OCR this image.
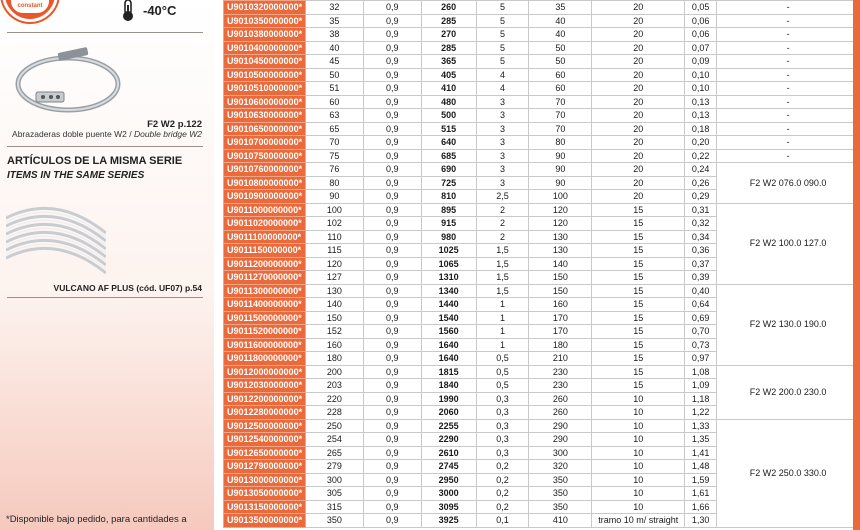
constant	-40°C
F2 W2 p.122
Abrazaderas doble puente W2 / Double bridge W2
ARTÍCULOS DE LA MISMA SERIE
ITEMS IN THE SAME SERIES
VULCANO AF PLUS (cód. UF07) p.54
*Disponible bajo pedido, para cantidades a
U9010320000000*	32	0,9	260	5	35	20	0,05	-
U9010350000000*	35	0,9	285	5	40	20	0,06	-
U9010380000000*	38	0,9	270	5	40	20	0,06	-
U9010400000000*	40	0,9	285	5	50	20	0,07	-
U9010450000000*	45	0,9	365	5	50	20	0,09	-
U9010500000000*	50	0,9	405	4	60	20	0,10	-
U9010510000000*	51	0,9	410	4	60	20	0,10	-
U9010600000000*	60	0,9	480	3	70	20	0,13	-
U9010630000000*	63	0,9	500	3	70	20	0,13	-
U9010650000000*	65	0,9	515	3	70	20	0,18	-
U9010700000000*	70	0,9	640	3	80	20	0,20	-
U9010750000000*	75	0,9	685	3	90	20	0,22	-
U9010760000000*	76	0,9	690	3	90	20	0,24	F2 W2 076.0 090.0
U9010800000000*	80	0,9	725	3	90	20	0,26	
U9010900000000*	90	0,9	810	2,5	100	20	0,29	
U9011000000000*	100	0,9	895	2	120	15	0,31	F2 W2 100.0 127.0
U9011020000000*	102	0,9	915	2	120	15	0,32	
U9011100000000*	110	0,9	980	2	130	15	0,34	
U9011150000000*	115	0,9	1025	1,5	130	15	0,36	
U9011200000000*	120	0,9	1065	1,5	140	15	0,37	
U9011270000000*	127	0,9	1310	1,5	150	15	0,39	
U9011300000000*	130	0,9	1340	1,5	150	15	0,40	F2 W2 130.0 190.0
U9011400000000*	140	0,9	1440	1	160	15	0,64	
U9011500000000*	150	0,9	1540	1	170	15	0,69	
U9011520000000*	152	0,9	1560	1	170	15	0,70	
U9011600000000*	160	0,9	1640	1	180	15	0,73	
U9011800000000*	180	0,9	1640	0,5	210	15	0,97	
U9012000000000*	200	0,9	1815	0,5	230	15	1,08	F2 W2 200.0 230.0
U9012030000000*	203	0,9	1840	0,5	230	15	1,09	
U9012200000000*	220	0,9	1990	0,3	260	10	1,18	
U9012280000000*	228	0,9	2060	0,3	260	10	1,22	
U9012500000000*	250	0,9	2255	0,3	290	10	1,33	F2 W2 250.0 330.0
U9012540000000*	254	0,9	2290	0,3	290	10	1,35	
U9012650000000*	265	0,9	2610	0,3	300	10	1,41	
U9012790000000*	279	0,9	2745	0,2	320	10	1,48	
U9013000000000*	300	0,9	2950	0,2	350	10	1,59	
U9013050000000*	305	0,9	3000	0,2	350	10	1,61	
U9013150000000*	315	0,9	3095	0,2	350	10	1,66	
U9013500000000*	350	0,9	3925	0,1	410	tramo 10 m/ straight	1,30	
